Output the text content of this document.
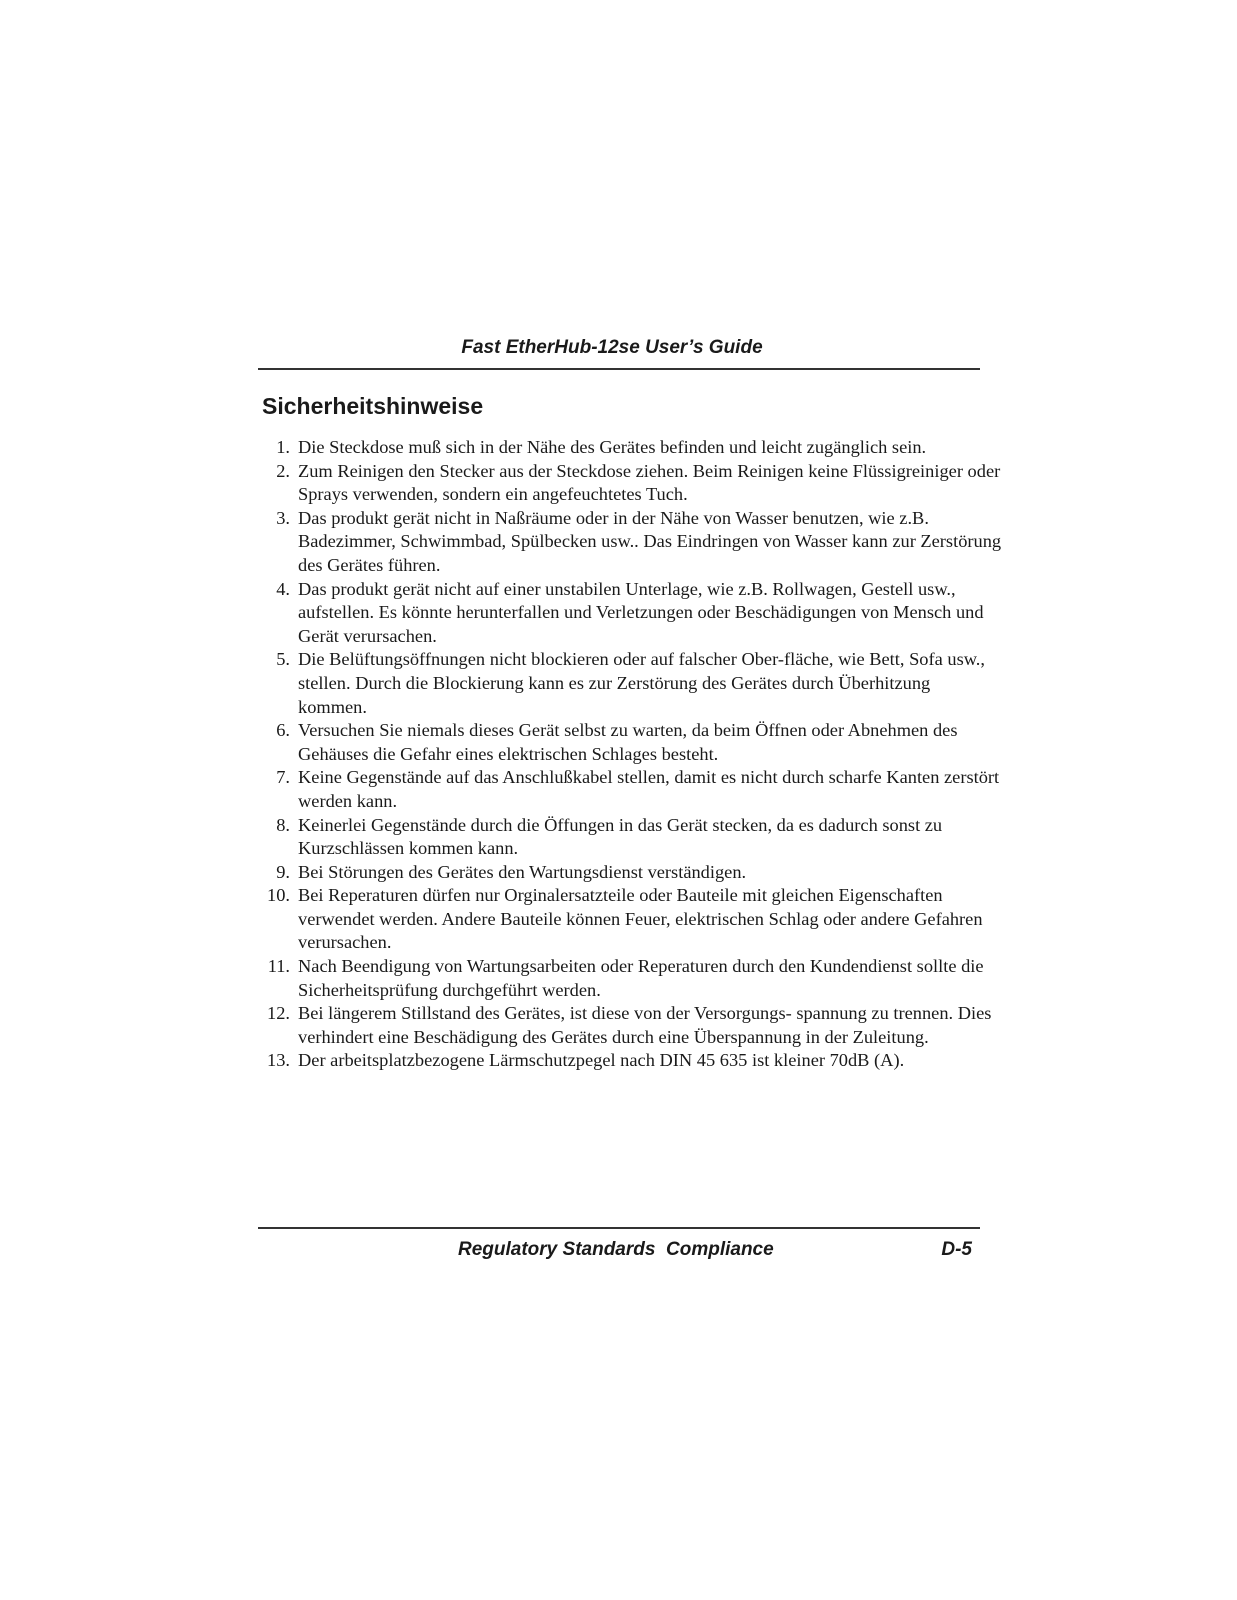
Fast EtherHub-12se User’s Guide
Sicherheitshinweise
1. Die Steckdose muß sich in der Nähe des Gerätes befinden und leicht zugänglich sein.
2. Zum Reinigen den Stecker aus der Steckdose ziehen. Beim Reinigen keine Flüssigreiniger oder Sprays verwenden, sondern ein angefeuchtetes Tuch.
3. Das produkt gerät nicht in Naßräume oder in der Nähe von Wasser benutzen, wie z.B. Badezimmer, Schwimmbad, Spülbecken usw.. Das Eindringen von Wasser kann zur Zerstörung des Gerätes führen.
4. Das produkt gerät nicht auf einer unstabilen Unterlage, wie z.B. Rollwagen, Gestell usw., aufstellen. Es könnte herunterfallen und Verletzungen oder Beschädigungen von Mensch und Gerät verursachen.
5. Die Belüftungsöffnungen nicht blockieren oder auf falscher Ober-fläche, wie Bett, Sofa usw., stellen. Durch die Blockierung kann es zur Zerstörung des Gerätes durch Überhitzung kommen.
6. Versuchen Sie niemals dieses Gerät selbst zu warten, da beim Öffnen oder Abnehmen des Gehäuses die Gefahr eines elektrischen Schlages besteht.
7. Keine Gegenstände auf das Anschlußkabel stellen, damit es nicht durch scharfe Kanten zerstört werden kann.
8. Keinerlei Gegenstände durch die Öffungen in das Gerät stecken, da es dadurch sonst zu Kurzschlässen kommen kann.
9. Bei Störungen des Gerätes den Wartungsdienst verständigen.
10. Bei Reperaturen dürfen nur Orginalersatzteile oder Bauteile mit gleichen Eigenschaften verwendet werden. Andere Bauteile können Feuer, elektrischen Schlag oder andere Gefahren verursachen.
11. Nach Beendigung von Wartungsarbeiten oder Reperaturen durch den Kundendienst sollte die Sicherheitsprüfung durchgeführt werden.
12. Bei längerem Stillstand des Gerätes, ist diese von der Versorgungs- spannung zu trennen. Dies verhindert eine Beschädigung des Gerätes durch eine Überspannung in der Zuleitung.
13. Der arbeitsplatzbezogene Lärmschutzpegel nach DIN 45 635 ist kleiner 70dB (A).
Regulatory Standards  Compliance	D-5
